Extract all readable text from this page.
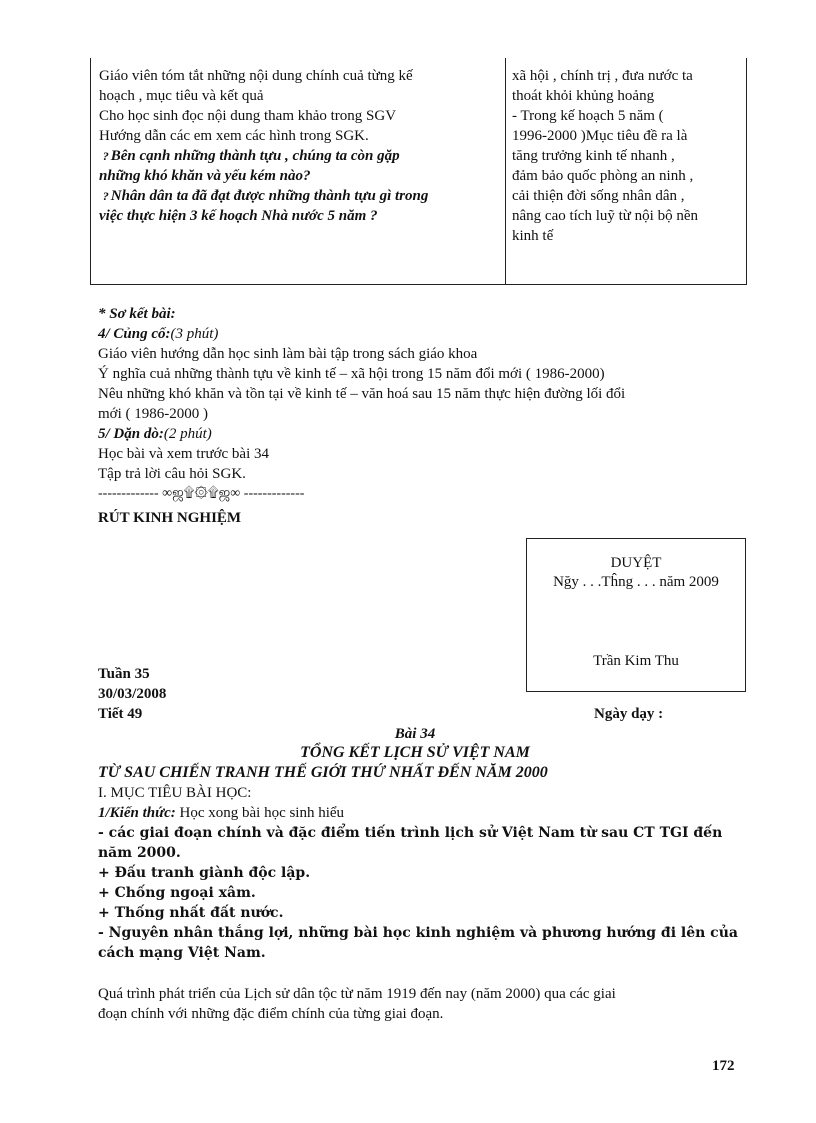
Giáo viên tóm tắt những nội dung chính cuả từng kế
hoạch , mục tiêu và kết quả
Cho học sinh đọc nội dung tham khảo trong SGV
Hướng dẫn các em xem các hình trong SGK.
? Bên cạnh những thành tựu , chúng ta còn gặp
những khó khăn và yếu kém nào?
? Nhân dân ta đã đạt được những thành tựu gì trong
việc thực hiện 3 kế hoạch Nhà nước 5 năm ?
xã hội , chính trị , đưa nước ta
thoát khỏi khủng hoảng
- Trong kế hoạch 5 năm (
1996-2000 )Mục tiêu đề ra là
tăng trưởng kinh tế nhanh ,
đảm bảo quốc phòng an ninh ,
cải thiện đời sống nhân dân ,
nâng cao tích luỹ từ nội bộ nền
kinh tế
* Sơ kết bài:
4/ Củng cố:(3 phút)
Giáo viên hướng dẫn học sinh làm bài tập trong sách giáo khoa
Ý nghĩa cuả những thành tựu về kinh tế – xã hội trong 15 năm đổi mới ( 1986-2000)
Nêu những khó khăn và tồn tại về kinh tế – văn hoá sau 15 năm thực hiện đường lối đổi
mới ( 1986-2000 )
5/ Dặn dò:(2 phút)
Học bài và xem trước bài 34
Tập trả lời câu hỏi SGK.
------------- ∞ஜ۩۞۩ஜ∞ -------------
RÚT KINH NGHIỆM
DUYỆT
Nğy . . .Tĥng . . . năm 2009
Trần Kim Thu
Tuần 35
30/03/2008
Tiết 49	Ngày dạy :
Bài 34
TỔNG KẾT LỊCH SỬ VIỆT NAM
TỪ SAU CHIẾN TRANH THẾ GIỚI THỨ NHẤT ĐẾN NĂM 2000
I. MỤC TIÊU BÀI HỌC:
1/Kiến thức: Học xong bài học sinh hiểu
- các giai đoạn chính và đặc điểm tiến trình lịch sử Việt Nam từ sau CT TGI đến
năm 2000.
+ Đấu tranh giành độc lập.
+ Chống ngoại xâm.
+ Thống nhất đất nước.
- Nguyên nhân thắng lợi, những bài học kinh nghiệm và phương hướng đi lên của
cách mạng Việt Nam.
Quá trình phát triển của Lịch sử dân tộc từ năm 1919 đến nay (năm 2000) qua các giai
đoạn chính với những đặc điểm chính của từng giai đoạn.
172
